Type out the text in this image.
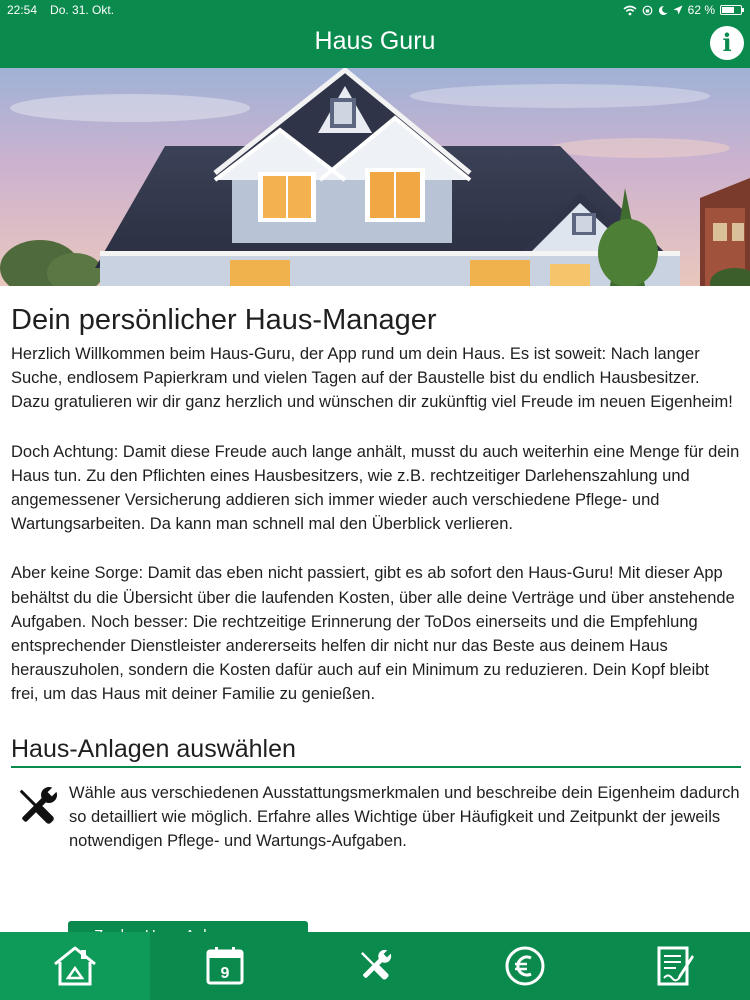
22:54 Do. 31. Okt.	62 %
Haus Guru	i
Dein persönlicher Haus-Manager

Herzlich Willkommen beim Haus-Guru, der App rund um dein Haus. Es ist soweit: Nach langer Suche, endlosem Papierkram und vielen Tagen auf der Baustelle bist du endlich Hausbesitzer. Dazu gratulieren wir dir ganz herzlich und wünschen dir zukünftig viel Freude im neuen Eigenheim!

Doch Achtung: Damit diese Freude auch lange anhält, musst du auch weiterhin eine Menge für dein Haus tun. Zu den Pflichten eines Hausbesitzers, wie z.B. rechtzeitiger Darlehenszahlung und angemessener Versicherung addieren sich immer wieder auch verschiedene Pflege- und Wartungsarbeiten. Da kann man schnell mal den Überblick verlieren.

Aber keine Sorge: Damit das eben nicht passiert, gibt es ab sofort den Haus-Guru! Mit dieser App behältst du die Übersicht über die laufenden Kosten, über alle deine Verträge und über anstehende Aufgaben. Noch besser: Die rechtzeitige Erinnerung der ToDos einerseits und die Empfehlung entsprechender Dienstleister andererseits helfen dir nicht nur das Beste aus deinem Haus herauszuholen, sondern die Kosten dafür auch auf ein Minimum zu reduzieren. Dein Kopf bleibt frei, um das Haus mit deiner Familie zu genießen.

Haus-Anlagen auswählen
Wähle aus verschiedenen Ausstattungsmerkmalen und beschreibe dein Eigenheim dadurch so detailliert wie möglich. Erfahre alles Wichtige über Häufigkeit und Zeitpunkt der jeweils notwendigen Pflege- und Wartungs-Aufgaben.
9
